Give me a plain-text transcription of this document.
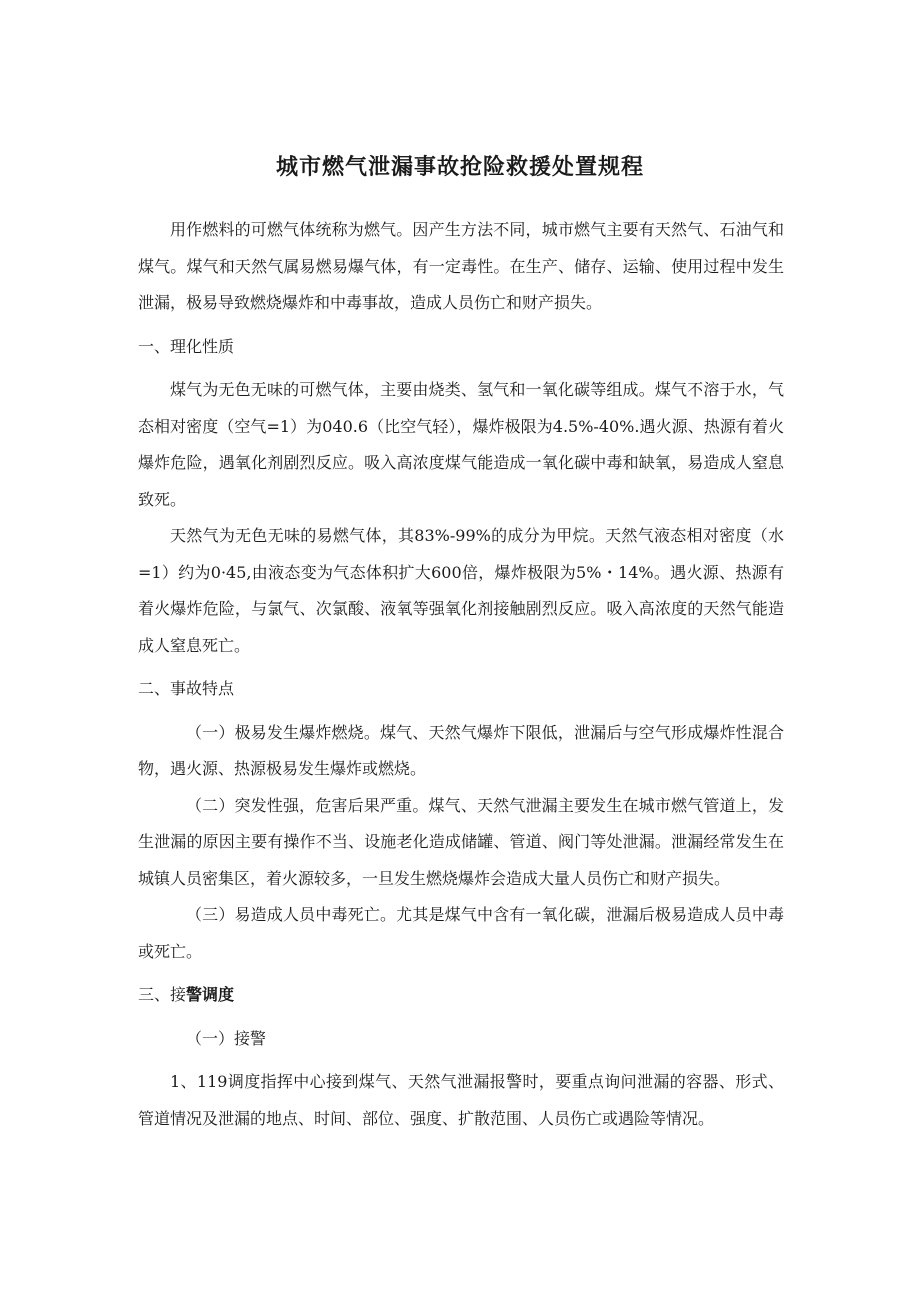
城市燃气泄漏事故抢险救援处置规程

用作燃料的可燃气体统称为燃气。因产生方法不同，城市燃气主要有天然气、石油气和煤气。煤气和天然气属易燃易爆气体，有一定毒性。在生产、储存、运输、使用过程中发生泄漏，极易导致燃烧爆炸和中毒事故，造成人员伤亡和财产损失。

一、理化性质

煤气为无色无味的可燃气体，主要由烧类、氢气和一氧化碳等组成。煤气不溶于水，气态相对密度（空气=1）为040.6（比空气轻），爆炸极限为4.5%-40%.遇火源、热源有着火爆炸危险，遇氧化剂剧烈反应。吸入高浓度煤气能造成一氧化碳中毒和缺氧，易造成人窒息致死。

天然气为无色无味的易燃气体，其83%-99%的成分为甲烷。天然气液态相对密度（水=1）约为0·45,由液态变为气态体积扩大600倍，爆炸极限为5%・14%。遇火源、热源有着火爆炸危险，与氯气、次氯酸、液氧等强氧化剂接触剧烈反应。吸入高浓度的天然气能造成人窒息死亡。

二、事故特点

（一）极易发生爆炸燃烧。煤气、天然气爆炸下限低，泄漏后与空气形成爆炸性混合物，遇火源、热源极易发生爆炸或燃烧。

（二）突发性强，危害后果严重。煤气、天然气泄漏主要发生在城市燃气管道上，发生泄漏的原因主要有操作不当、设施老化造成储罐、管道、阀门等处泄漏。泄漏经常发生在城镇人员密集区，着火源较多，一旦发生燃烧爆炸会造成大量人员伤亡和财产损失。

（三）易造成人员中毒死亡。尤其是煤气中含有一氧化碳，泄漏后极易造成人员中毒或死亡。

三、接警调度

（一）接警

1、119调度指挥中心接到煤气、天然气泄漏报警时，要重点询问泄漏的容器、形式、管道情况及泄漏的地点、时间、部位、强度、扩散范围、人员伤亡或遇险等情况。
